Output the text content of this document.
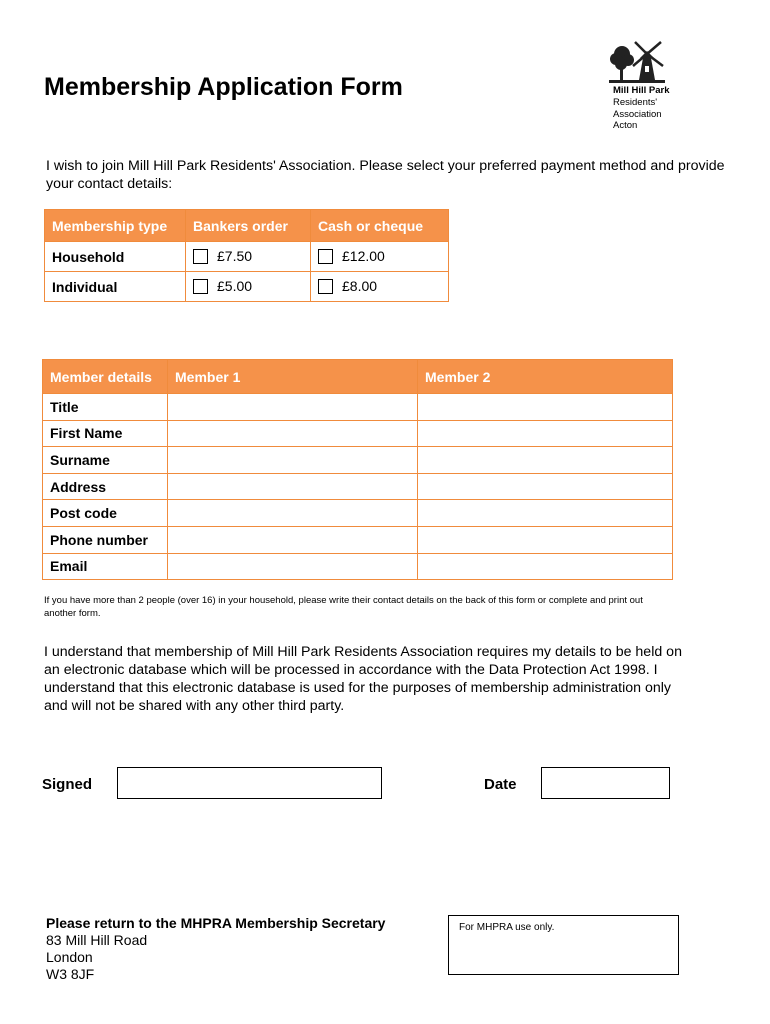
Membership Application Form	Mill Hill Park
Residents'
Association
Acton

I wish to join Mill Hill Park Residents' Association. Please select your preferred payment method and provide your contact details:

Membership type	Bankers order	Cash or cheque
Household	£7.50	£12.00
Individual	£5.00	£8.00
Member details	Member 1	Member 2
Title		
First Name		
Surname		
Address		
Post code		
Phone number		
Email		

If you have more than 2 people (over 16) in your household, please write their contact details on the back of this form or complete and print out another form.

I understand that membership of Mill Hill Park Residents Association requires my details to be held on an electronic database which will be processed in accordance with the Data Protection Act 1998. I understand that this electronic database is used for the purposes of membership administration only and will not be shared with any other third party.

Signed	Date
Please return to the MHPRA Membership Secretary
83 Mill Hill Road
London
W3 8JF
For MHPRA use only.
